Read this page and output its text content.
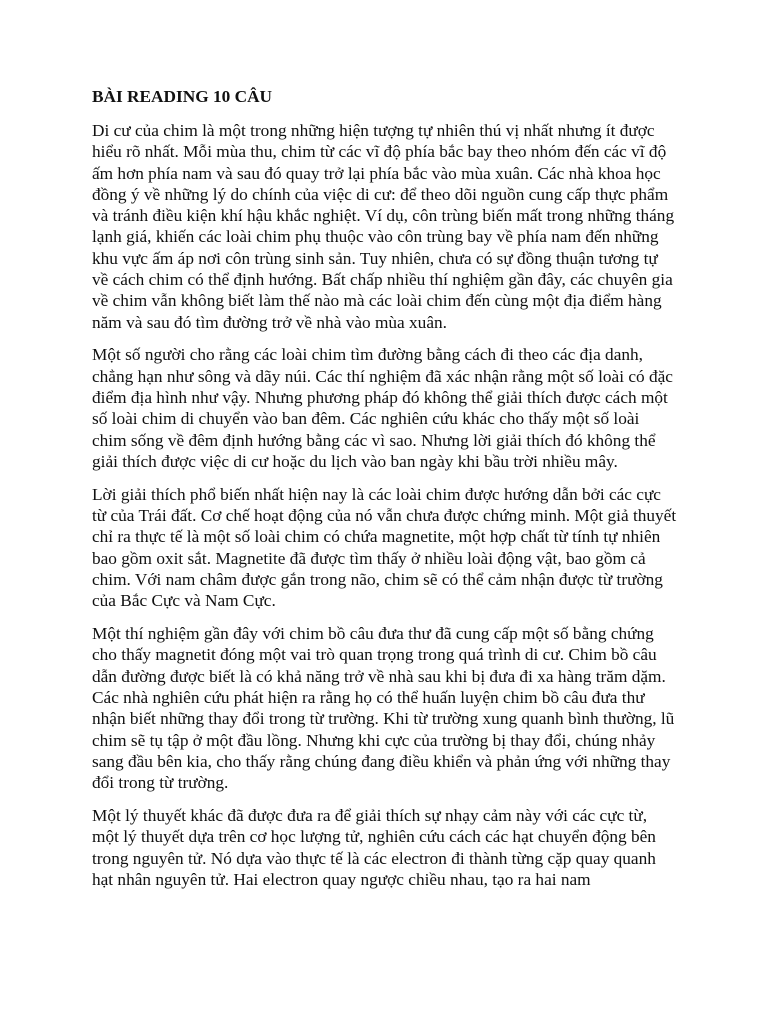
BÀI READING 10 CÂU

Di cư của chim là một trong những hiện tượng tự nhiên thú vị nhất nhưng ít được hiểu rõ nhất. Mỗi mùa thu, chim từ các vĩ độ phía bắc bay theo nhóm đến các vĩ độ ấm hơn phía nam và sau đó quay trở lại phía bắc vào mùa xuân. Các nhà khoa học đồng ý về những lý do chính của việc di cư: để theo dõi nguồn cung cấp thực phẩm và tránh điều kiện khí hậu khắc nghiệt. Ví dụ, côn trùng biến mất trong những tháng lạnh giá, khiến các loài chim phụ thuộc vào côn trùng bay về phía nam đến những khu vực ấm áp nơi côn trùng sinh sản. Tuy nhiên, chưa có sự đồng thuận tương tự về cách chim có thể định hướng. Bất chấp nhiều thí nghiệm gần đây, các chuyên gia về chim vẫn không biết làm thế nào mà các loài chim đến cùng một địa điểm hàng năm và sau đó tìm đường trở về nhà vào mùa xuân.

Một số người cho rằng các loài chim tìm đường bằng cách đi theo các địa danh, chẳng hạn như sông và dãy núi. Các thí nghiệm đã xác nhận rằng một số loài có đặc điểm địa hình như vậy. Nhưng phương pháp đó không thể giải thích được cách một số loài chim di chuyển vào ban đêm. Các nghiên cứu khác cho thấy một số loài chim sống về đêm định hướng bằng các vì sao. Nhưng lời giải thích đó không thể giải thích được việc di cư hoặc du lịch vào ban ngày khi bầu trời nhiều mây.

Lời giải thích phổ biến nhất hiện nay là các loài chim được hướng dẫn bởi các cực từ của Trái đất. Cơ chế hoạt động của nó vẫn chưa được chứng minh. Một giả thuyết chỉ ra thực tế là một số loài chim có chứa magnetite, một hợp chất từ tính tự nhiên bao gồm oxit sắt. Magnetite đã được tìm thấy ở nhiều loài động vật, bao gồm cả chim. Với nam châm được gắn trong não, chim sẽ có thể cảm nhận được từ trường của Bắc Cực và Nam Cực.

Một thí nghiệm gần đây với chim bồ câu đưa thư đã cung cấp một số bằng chứng cho thấy magnetit đóng một vai trò quan trọng trong quá trình di cư. Chim bồ câu dẫn đường được biết là có khả năng trở về nhà sau khi bị đưa đi xa hàng trăm dặm. Các nhà nghiên cứu phát hiện ra rằng họ có thể huấn luyện chim bồ câu đưa thư nhận biết những thay đổi trong từ trường. Khi từ trường xung quanh bình thường, lũ chim sẽ tụ tập ở một đầu lồng. Nhưng khi cực của trường bị thay đổi, chúng nhảy sang đầu bên kia, cho thấy rằng chúng đang điều khiển và phản ứng với những thay đổi trong từ trường.

Một lý thuyết khác đã được đưa ra để giải thích sự nhạy cảm này với các cực từ, một lý thuyết dựa trên cơ học lượng tử, nghiên cứu cách các hạt chuyển động bên trong nguyên tử. Nó dựa vào thực tế là các electron đi thành từng cặp quay quanh hạt nhân nguyên tử. Hai electron quay ngược chiều nhau, tạo ra hai nam
